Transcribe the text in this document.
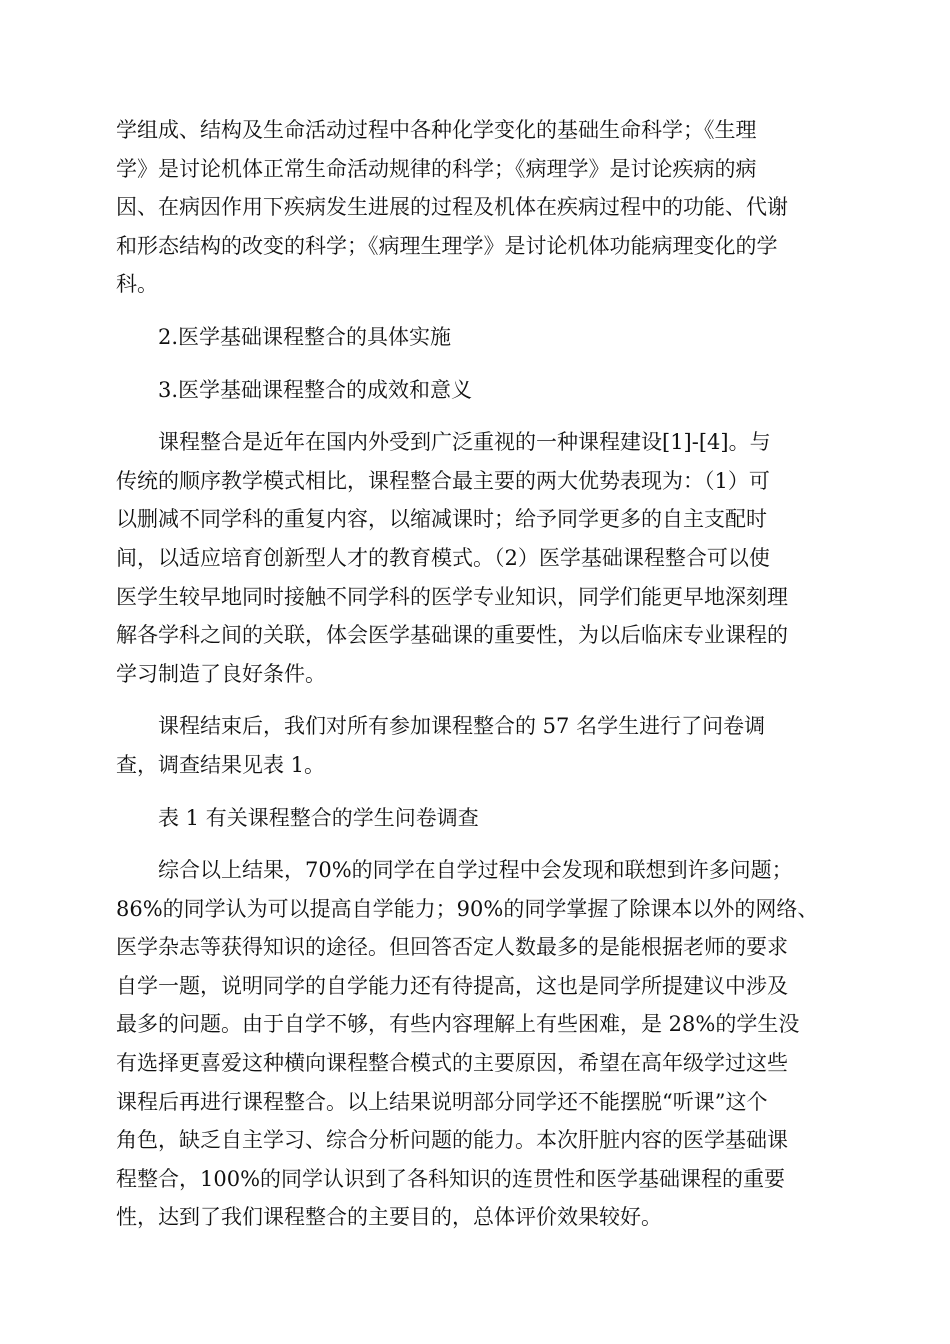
学组成、结构及生命活动过程中各种化学变化的基础生命科学；《生理
学》是讨论机体正常生命活动规律的科学；《病理学》是讨论疾病的病
因、在病因作用下疾病发生进展的过程及机体在疾病过程中的功能、代谢
和形态结构的改变的科学；《病理生理学》是讨论机体功能病理变化的学
科。
2.医学基础课程整合的具体实施
3.医学基础课程整合的成效和意义
课程整合是近年在国内外受到广泛重视的一种课程建设[1]-[4]。与
传统的顺序教学模式相比，课程整合最主要的两大优势表现为：（1）可
以删减不同学科的重复内容，以缩减课时；给予同学更多的自主支配时
间，以适应培育创新型人才的教育模式。（2）医学基础课程整合可以使
医学生较早地同时接触不同学科的医学专业知识，同学们能更早地深刻理
解各学科之间的关联，体会医学基础课的重要性，为以后临床专业课程的
学习制造了良好条件。
课程结束后，我们对所有参加课程整合的 57 名学生进行了问卷调
查，调查结果见表 1。
表 1 有关课程整合的学生问卷调查
综合以上结果，70%的同学在自学过程中会发现和联想到许多问题；
86%的同学认为可以提高自学能力；90%的同学掌握了除课本以外的网络、
医学杂志等获得知识的途径。但回答否定人数最多的是能根据老师的要求
自学一题，说明同学的自学能力还有待提高，这也是同学所提建议中涉及
最多的问题。由于自学不够，有些内容理解上有些困难，是 28%的学生没
有选择更喜爱这种横向课程整合模式的主要原因，希望在高年级学过这些
课程后再进行课程整合。以上结果说明部分同学还不能摆脱“听课”这个
角色，缺乏自主学习、综合分析问题的能力。本次肝脏内容的医学基础课
程整合，100%的同学认识到了各科知识的连贯性和医学基础课程的重要
性，达到了我们课程整合的主要目的，总体评价效果较好。
